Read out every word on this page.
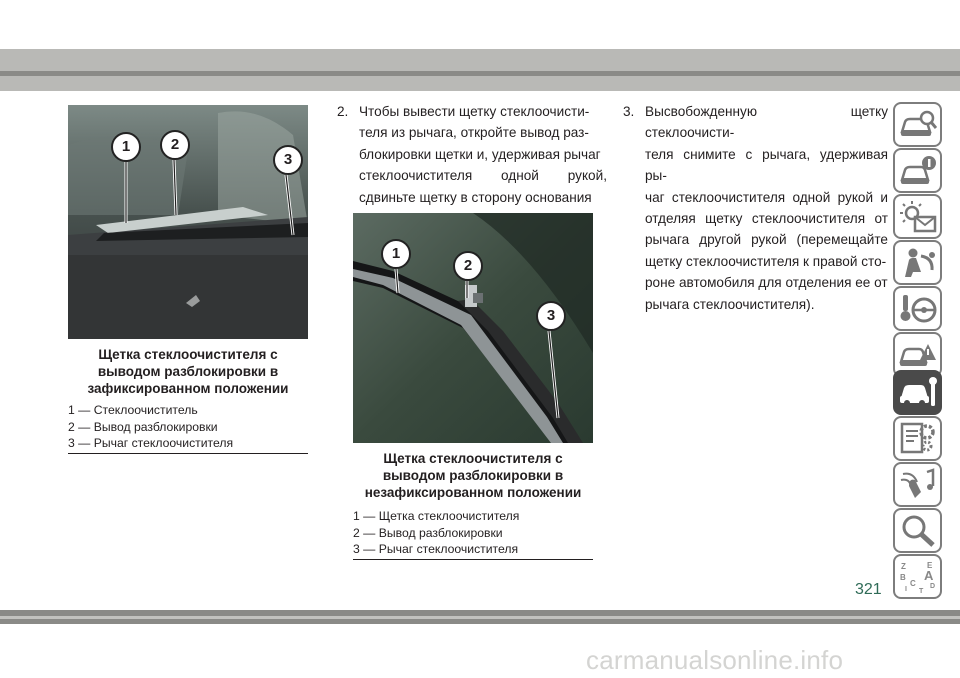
1	2
3
Щетка стеклоочистителя с
выводом разблокировки в
зафиксированном положении
1 — Стеклоочиститель
2 — Вывод разблокировки
3 — Рычаг стеклоочистителя
2. Чтобы вывести щетку стеклоочисти-
теля из рычага, откройте вывод раз-
блокировки щетки и, удерживая рычаг
стеклоочистителя одной рукой,
сдвиньте щетку в сторону основания
1
2
3
Щетка стеклоочистителя с
выводом разблокировки в
незафиксированном положении
1 — Щетка стеклоочистителя
2 — Вывод разблокировки
3 — Рычаг стеклоочистителя
3. Высвобожденную щетку стеклоочисти-
теля снимите с рычага, удерживая ры-
чаг стеклоочистителя одной рукой и
отделяя щетку стеклоочистителя от
рычага другой рукой (перемещайте
щетку стеклоочистителя к правой сто-
роне автомобиля для отделения ее от
рычага стеклоочистителя).
Z	E
A
B
D
C
I T
321
carmanualsonline.info
